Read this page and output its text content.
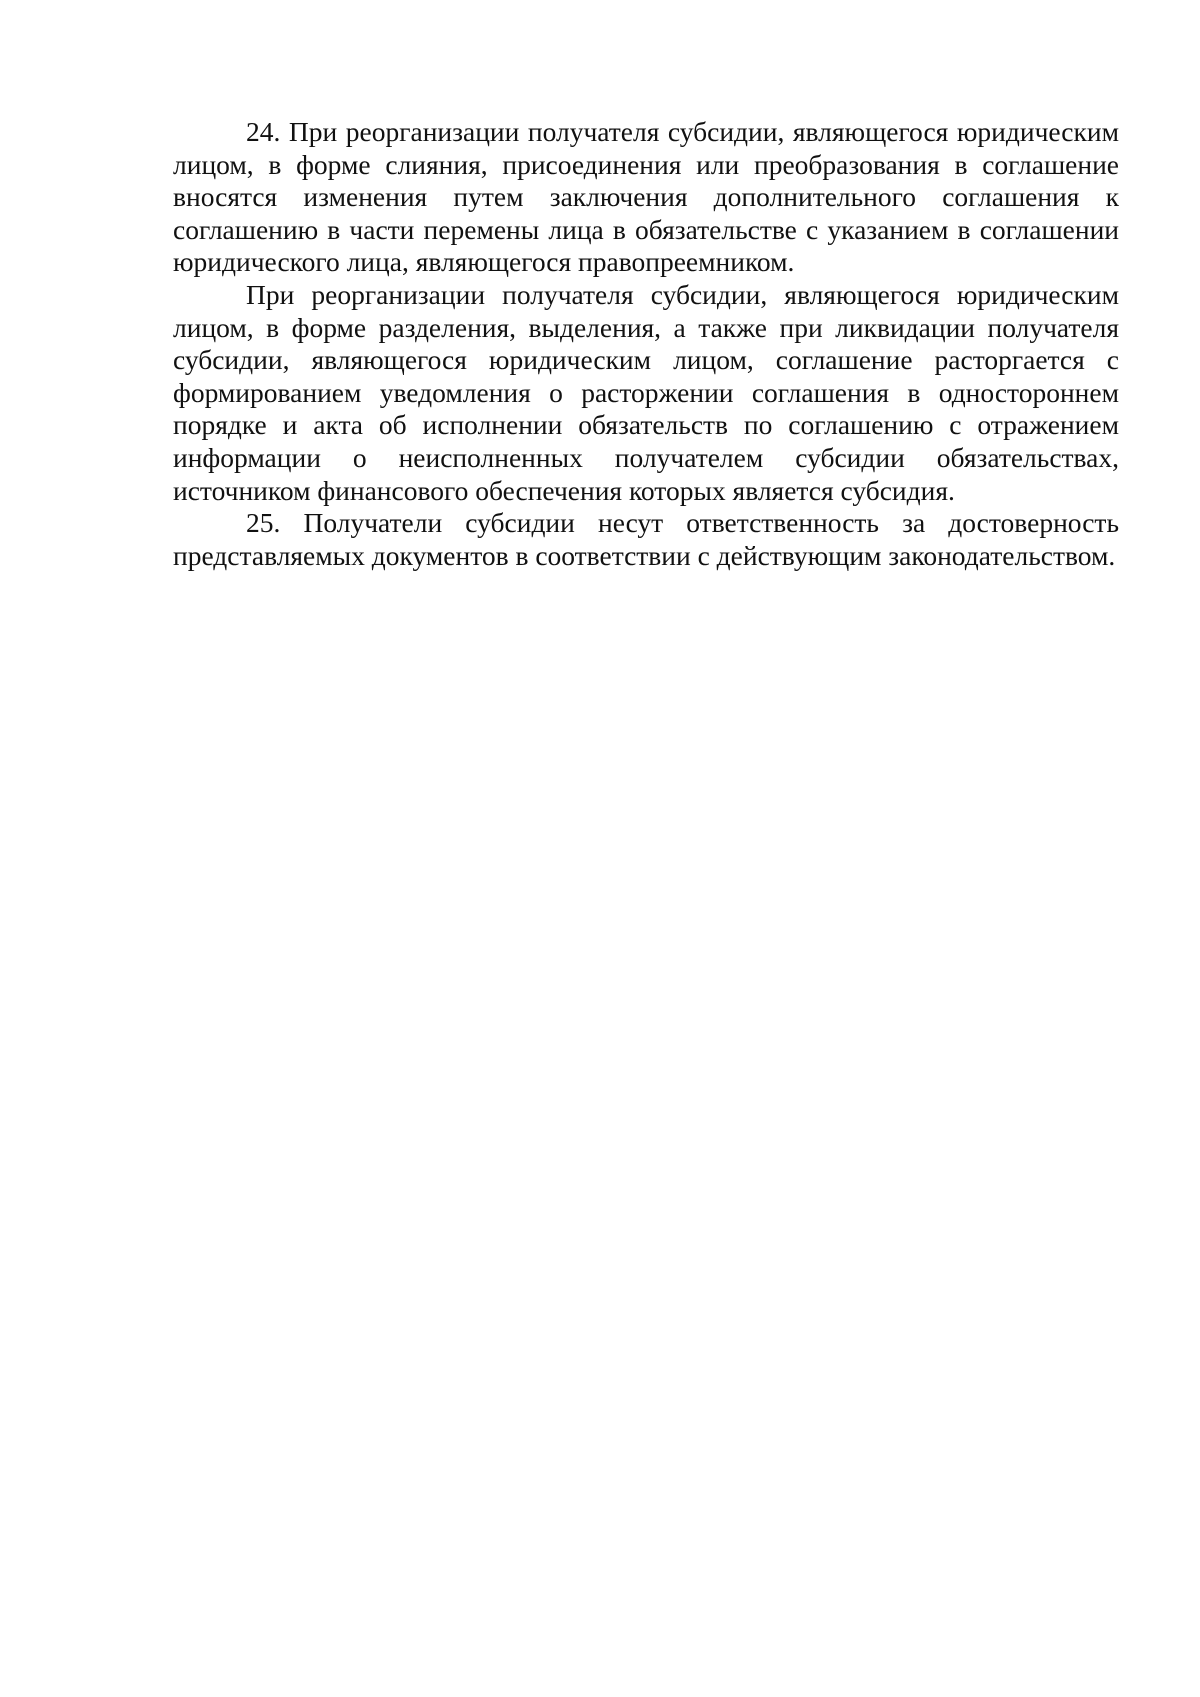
24. При реорганизации получателя субсидии, являющегося юридическим лицом, в форме слияния, присоединения или преобразования в соглашение вносятся изменения путем заключения дополнительного соглашения к соглашению в части перемены лица в обязательстве с указанием в соглашении юридического лица, являющегося правопреемником.

При реорганизации получателя субсидии, являющегося юридическим лицом, в форме разделения, выделения, а также при ликвидации получателя субсидии, являющегося юридическим лицом, соглашение расторгается с формированием уведомления о расторжении соглашения в одностороннем порядке и акта об исполнении обязательств по соглашению с отражением информации о неисполненных получателем субсидии обязательствах, источником финансового обеспечения которых является субсидия.

25. Получатели субсидии несут ответственность за достоверность представляемых документов в соответствии с действующим законодательством.
